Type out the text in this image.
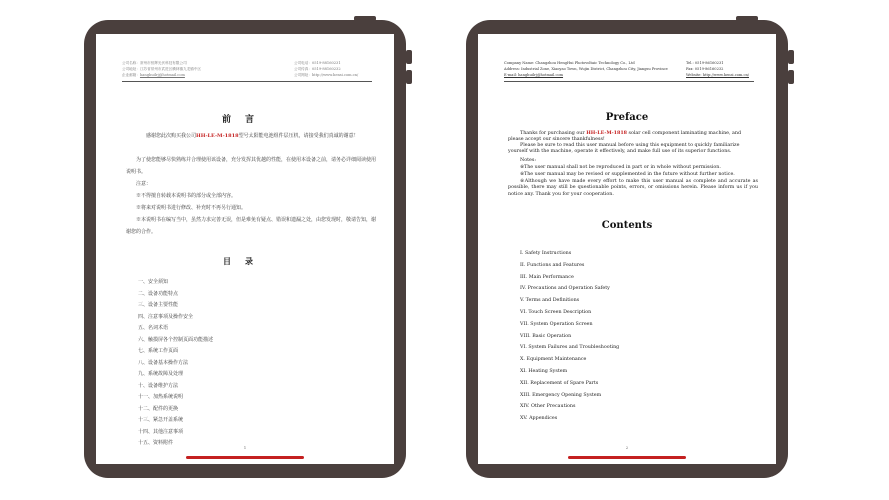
公司名称：常州市恒辉光伏科技有限公司
公司地址：江苏省常州市武进区横林镇九龙镇中区
企业邮箱：hanghuilrj@hotmail.com
公司电话：0519-88160231
公司传真：0519-88160232
公司网址：http://www.hensi.com.cn/
前言
感谢您此次购买我公司HH-LE-M-1818型号太阳能电池组件层压机，请接受我们真诚的谢意！
为了使您能够尽快熟练并合理使用该设备，充分发挥其优越的性能，在使用本设备之前，请务必详细阅读使用说明书。
注意：
※不得擅自转载本说明书的部分或全部内容。
※将来对说明书进行修改、补充时不再另行通知。
※本说明书在编写当中，虽然力求完善无误，但是难免有疑点、错误和遗漏之处，由您发现时，敬请告知，谢谢您的合作。
目录
一、安全须知
二、设备功能特点
三、设备主要性能
四、注意事项及操作安全
五、名词术语
六、触摸屏各个控制页面功能描述
七、系统工作页面
八、设备基本操作方法
九、系统故障及处理
十、设备维护方法
十一、加热系统说明
十二、配件的更换
十三、紧急开盖系统
十四、其他注意事项
十五、资料附件
1
Company Name: Changzhou HengHui Photovoltaic Technology Co., Ltd
Address: Industrial Zone, Xiaoyao Town, Wujin District, Changzhou City, Jiangsu Province
E-mail: hanghuilrj@hotmail.com
Tel.: 0519-86160231
Fax: 0519-86160232
Website: http://www.hensi.com.cn/
Preface
Thanks for purchasing our HH-LE-M-1818 solar cell component laminating machine, and please accept our sincere thankfulness!
Please be sure to read this user manual before using this equipment to quickly familiarize yourself with the machine, operate it effectively, and make full use of its superior functions.
Notes:
※The user manual shall not be reproduced in part or in whole without permission.
※The user manual may be revised or supplemented in the future without further notice.
※Although we have made every effort to make this user manual as complete and accurate as possible, there may still be questionable points, errors, or omissions herein. Please inform us if you notice any. Thank you for your cooperation.
Contents
I. Safety Instructions
II. Functions and Features
III. Main Performance
IV. Precautions and Operation Safety
V. Terms and Definitions
VI. Touch Screen Description
VII. System Operation Screen
VIII. Basic Operation
VI. System Failures and Troubleshooting
X. Equipment Maintenance
XI. Heating System
XII. Replacement of Spare Parts
XIII. Emergency Opening System
XIV. Other Precautions
XV. Appendices
2
